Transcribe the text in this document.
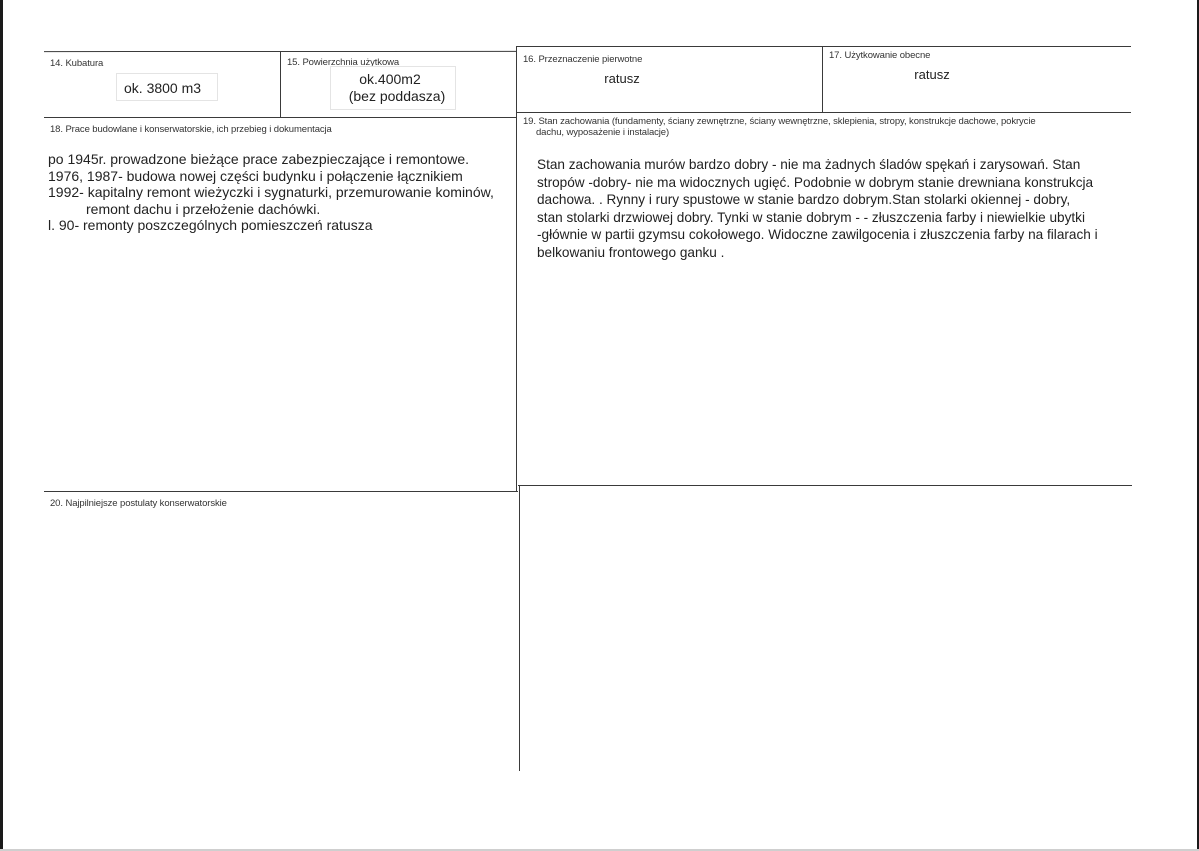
14. Kubatura
ok. 3800 m3
15. Powierzchnia użytkowa
ok.400m2
(bez poddasza)
16. Przeznaczenie pierwotne
ratusz
17. Użytkowanie obecne
ratusz
18. Prace budowlane i konserwatorskie, ich przebieg i dokumentacja
po 1945r. prowadzone bieżące prace zabezpieczające i remontowe.
1976, 1987- budowa nowej części budynku i połączenie łącznikiem
1992- kapitalny remont wieżyczki i sygnaturki, przemurowanie kominów,
remont dachu i przełożenie dachówki.
l. 90- remonty poszczególnych pomieszczeń ratusza
19. Stan zachowania (fundamenty, ściany zewnętrzne, ściany wewnętrzne, sklepienia, stropy, konstrukcje dachowe, pokrycie
dachu, wyposażenie i instalacje)
Stan zachowania murów bardzo dobry - nie ma żadnych śladów spękań i zarysowań. Stan
stropów -dobry- nie ma widocznych ugięć. Podobnie w dobrym stanie drewniana konstrukcja
dachowa. . Rynny i rury spustowe w stanie bardzo dobrym.Stan stolarki okiennej - dobry,
stan stolarki drzwiowej dobry. Tynki w stanie dobrym - - złuszczenia farby i niewielkie ubytki
-głównie w partii gzymsu cokołowego. Widoczne zawilgocenia i złuszczenia farby na filarach i
belkowaniu frontowego ganku .
20. Najpilniejsze postulaty konserwatorskie
